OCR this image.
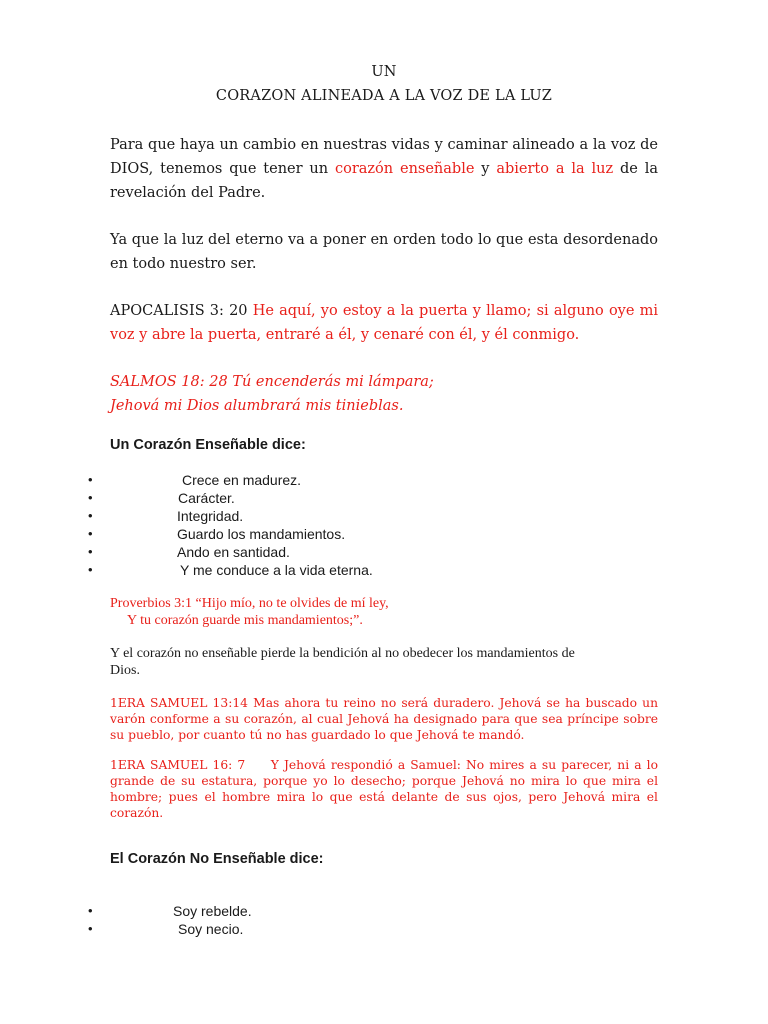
UN
CORAZON ALINEADA A LA VOZ DE LA LUZ
Para que haya un cambio en nuestras vidas y caminar alineado a la voz de DIOS, tenemos que tener un corazón enseñable y abierto a la luz de la revelación del Padre.
Ya que la luz del eterno va a poner en orden todo lo que esta desordenado en todo nuestro ser.
APOCALISIS 3: 20 He aquí, yo estoy a la puerta y llamo; si alguno oye mi voz y abre la puerta, entraré a él, y cenaré con él, y él conmigo.
SALMOS 18: 28 Tú encenderás mi lámpara;
Jehová mi Dios alumbrará mis tinieblas.
Un Corazón Enseñable dice:
•	Crece en madurez.
•	Carácter.
•	Integridad.
•	Guardo los mandamientos.
•	Ando en santidad.
•	Y me conduce a la vida eterna.
Proverbios 3:1 “Hijo mío, no te olvides de mí ley,
Y tu corazón guarde mis mandamientos;”.
Y el corazón no enseñable pierde la bendición al no obedecer los mandamientos de Dios.
1ERA SAMUEL 13:14 Mas ahora tu reino no será duradero. Jehová se ha buscado un varón conforme a su corazón, al cual Jehová ha designado para que sea príncipe sobre su pueblo, por cuanto tú no has guardado lo que Jehová te mandó.
1ERA SAMUEL 16: 7     Y Jehová respondió a Samuel: No mires a su parecer, ni a lo grande de su estatura, porque yo lo desecho; porque Jehová no mira lo que mira el hombre; pues el hombre mira lo que está delante de sus ojos, pero Jehová mira el corazón.
El Corazón No Enseñable dice:
•	Soy rebelde.
•	Soy necio.
